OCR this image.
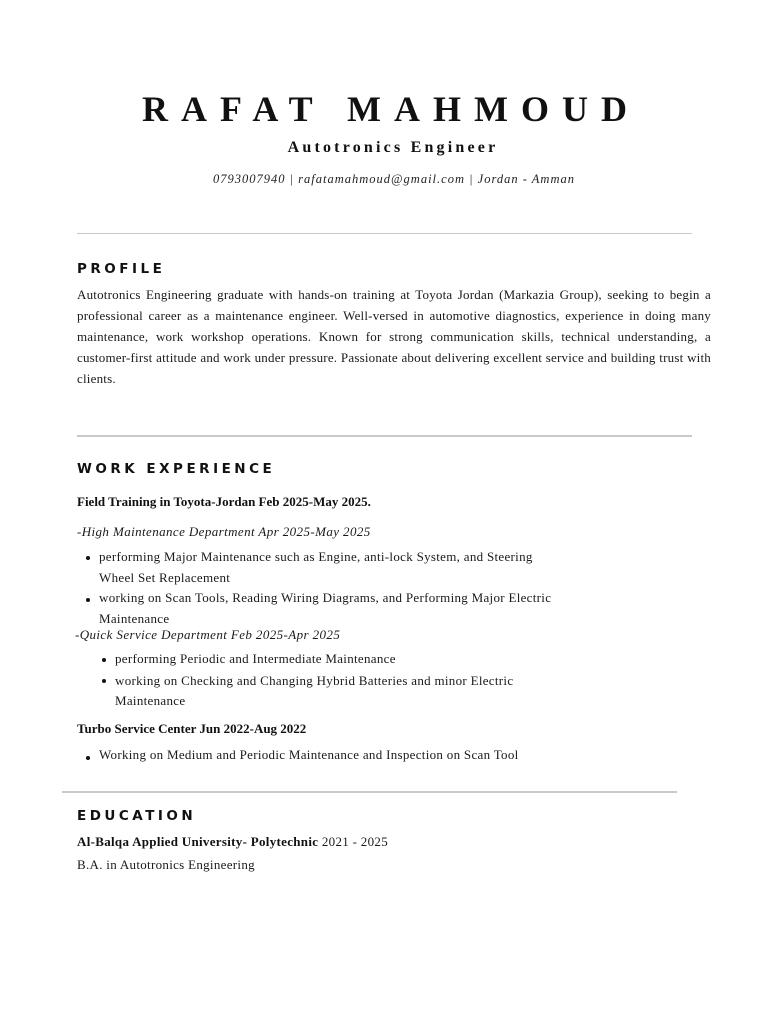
RAFAT MAHMOUD
Autotronics Engineer
0793007940 | rafatamahmoud@gmail.com | Jordan - Amman
PROFILE
Autotronics Engineering graduate with hands-on training at Toyota Jordan (Markazia Group), seeking to begin a professional career as a maintenance engineer. Well-versed in automotive diagnostics, experience in doing many maintenance, work workshop operations. Known for strong communication skills, technical understanding, a customer-first attitude and work under pressure. Passionate about delivering excellent service and building trust with clients.
WORK EXPERIENCE
Field Training in Toyota-Jordan Feb 2025-May 2025.
-High Maintenance Department Apr 2025-May 2025
performing Major Maintenance such as Engine, anti-lock System, and Steering
Wheel Set Replacement
working on Scan Tools, Reading Wiring Diagrams, and Performing Major Electric
Maintenance
-Quick Service Department Feb 2025-Apr 2025
performing Periodic and Intermediate Maintenance
working on Checking and Changing Hybrid Batteries and minor Electric
Maintenance
Turbo Service Center Jun 2022-Aug 2022
Working on Medium and Periodic Maintenance and Inspection on Scan Tool
EDUCATION
Al-Balqa Applied University- Polytechnic 2021 - 2025
B.A. in Autotronics Engineering
